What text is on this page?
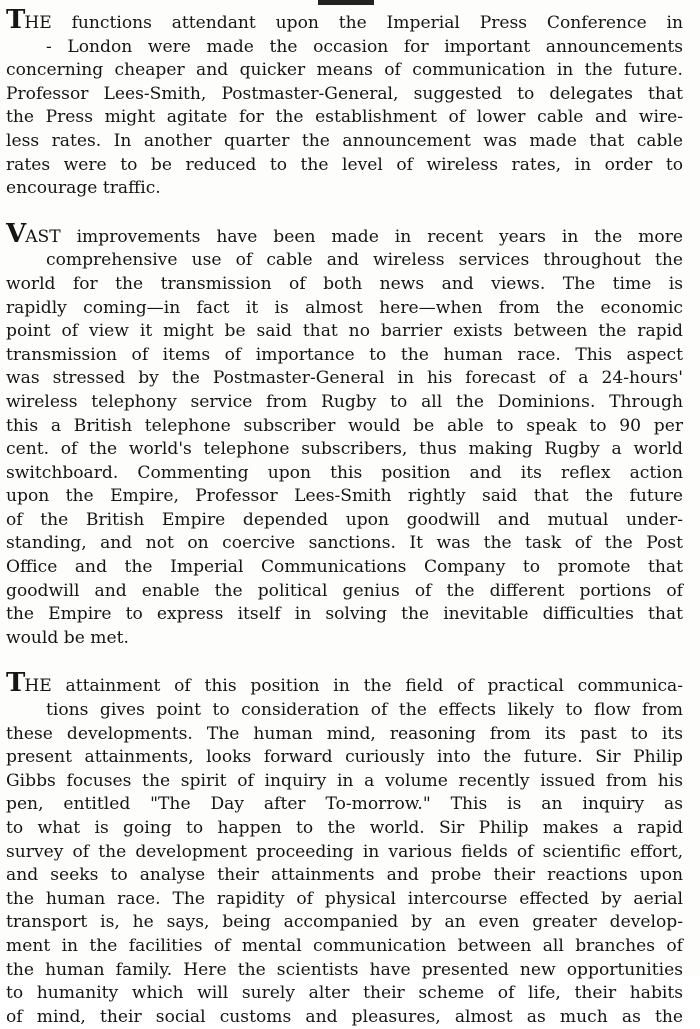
THE functions attendant upon the Imperial Press Conference in
- London were made the occasion for important announcements
concerning cheaper and quicker means of communication in the future.
Professor Lees-Smith, Postmaster-General, suggested to delegates that
the Press might agitate for the establishment of lower cable and wire-
less rates. In another quarter the announcement was made that cable
rates were to be reduced to the level of wireless rates, in order to
encourage traffic.

VAST improvements have been made in recent years in the more
comprehensive use of cable and wireless services throughout the
world for the transmission of both news and views. The time is
rapidly coming—in fact it is almost here—when from the economic
point of view it might be said that no barrier exists between the rapid
transmission of items of importance to the human race. This aspect
was stressed by the Postmaster-General in his forecast of a 24-hours'
wireless telephony service from Rugby to all the Dominions. Through
this a British telephone subscriber would be able to speak to 90 per
cent. of the world's telephone subscribers, thus making Rugby a world
switchboard. Commenting upon this position and its reflex action
upon the Empire, Professor Lees-Smith rightly said that the future
of the British Empire depended upon goodwill and mutual under-
standing, and not on coercive sanctions. It was the task of the Post
Office and the Imperial Communications Company to promote that
goodwill and enable the political genius of the different portions of
the Empire to express itself in solving the inevitable difficulties that
would be met.

THE attainment of this position in the field of practical communica-
tions gives point to consideration of the effects likely to flow from
these developments. The human mind, reasoning from its past to its
present attainments, looks forward curiously into the future. Sir Philip
Gibbs focuses the spirit of inquiry in a volume recently issued from his
pen, entitled "The Day after To-morrow." This is an inquiry as
to what is going to happen to the world. Sir Philip makes a rapid
survey of the development proceeding in various fields of scientific effort,
and seeks to analyse their attainments and probe their reactions upon
the human race. The rapidity of physical intercourse effected by aerial
transport is, he says, being accompanied by an even greater develop-
ment in the facilities of mental communication between all branches of
the human family. Here the scientists have presented new opportunities
to humanity which will surely alter their scheme of life, their habits
of mind, their social customs and pleasures, almost as much as the
